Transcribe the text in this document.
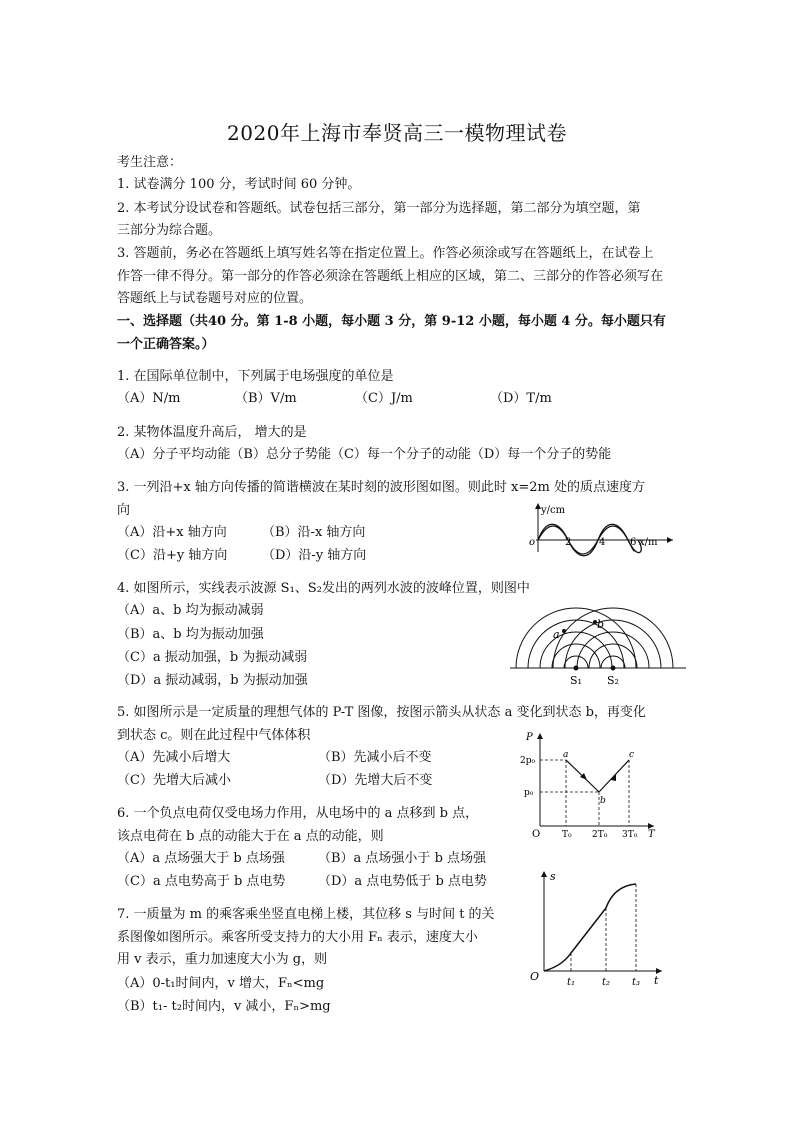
2020年上海市奉贤高三一模物理试卷
考生注意：
1. 试卷满分 100 分，考试时间 60 分钟。
2. 本考试分设试卷和答题纸。试卷包括三部分，第一部分为选择题，第二部分为填空题，第
三部分为综合题。
3. 答题前，务必在答题纸上填写姓名等在指定位置上。作答必须涂或写在答题纸上，在试卷上
作答一律不得分。第一部分的作答必须涂在答题纸上相应的区域，第二、三部分的作答必须写在
答题纸上与试卷题号对应的位置。
一、选择题（共40 分。第 1-8 小题，每小题 3 分，第 9-12 小题，每小题 4 分。每小题只有
一个正确答案。）
1. 在国际单位制中，下列属于电场强度的单位是
（A）N/m	（B）V/m	（C）J/m	（D）T/m
2. 某物体温度升高后， 增大的是
（A）分子平均动能（B）总分子势能（C）每一个分子的动能（D）每一个分子的势能
3. 一列沿+x 轴方向传播的简谐横波在某时刻的波形图如图。则此时 x=2m 处的质点速度方
向
（A）沿+x 轴方向	（B）沿-x 轴方向
（C）沿+y 轴方向	（D）沿-y 轴方向
y/cm
o	2	4 6 x/m
4. 如图所示，实线表示波源 S₁、S₂发出的两列水波的波峰位置，则图中
（A）a、b 均为振动减弱
（B）a、b 均为振动加强
（C）a 振动加强，b 为振动减弱
（D）a 振动减弱，b 为振动加强
a
b
S₁ S₂
5. 如图所示是一定质量的理想气体的 P-T 图像，按图示箭头从状态 a 变化到状态 b，再变化
到状态 c。则在此过程中气体体积
（A）先减小后增大	（B）先减小后不变
（C）先增大后减小	（D）先增大后不变
P
2p₀
p₀
O T₀ 2T₀ 3T₀ T
a
b
c
6. 一个负点电荷仅受电场力作用，从电场中的 a 点移到 b 点，
该点电荷在 b 点的动能大于在 a 点的动能，则
（A）a 点场强大于 b 点场强	（B）a 点场强小于 b 点场强
（C）a 点电势高于 b 点电势	（D）a 点电势低于 b 点电势
7. 一质量为 m 的乘客乘坐竖直电梯上楼，其位移 s 与时间 t 的关
系图像如图所示。乘客所受支持力的大小用 Fₙ 表示，速度大小
用 v 表示，重力加速度大小为 g，则
（A）0-t₁时间内，v 增大，Fₙ<mg
（B）t₁- t₂时间内，v 减小，Fₙ>mg
s
O	t₁	t₂ t₃ t
